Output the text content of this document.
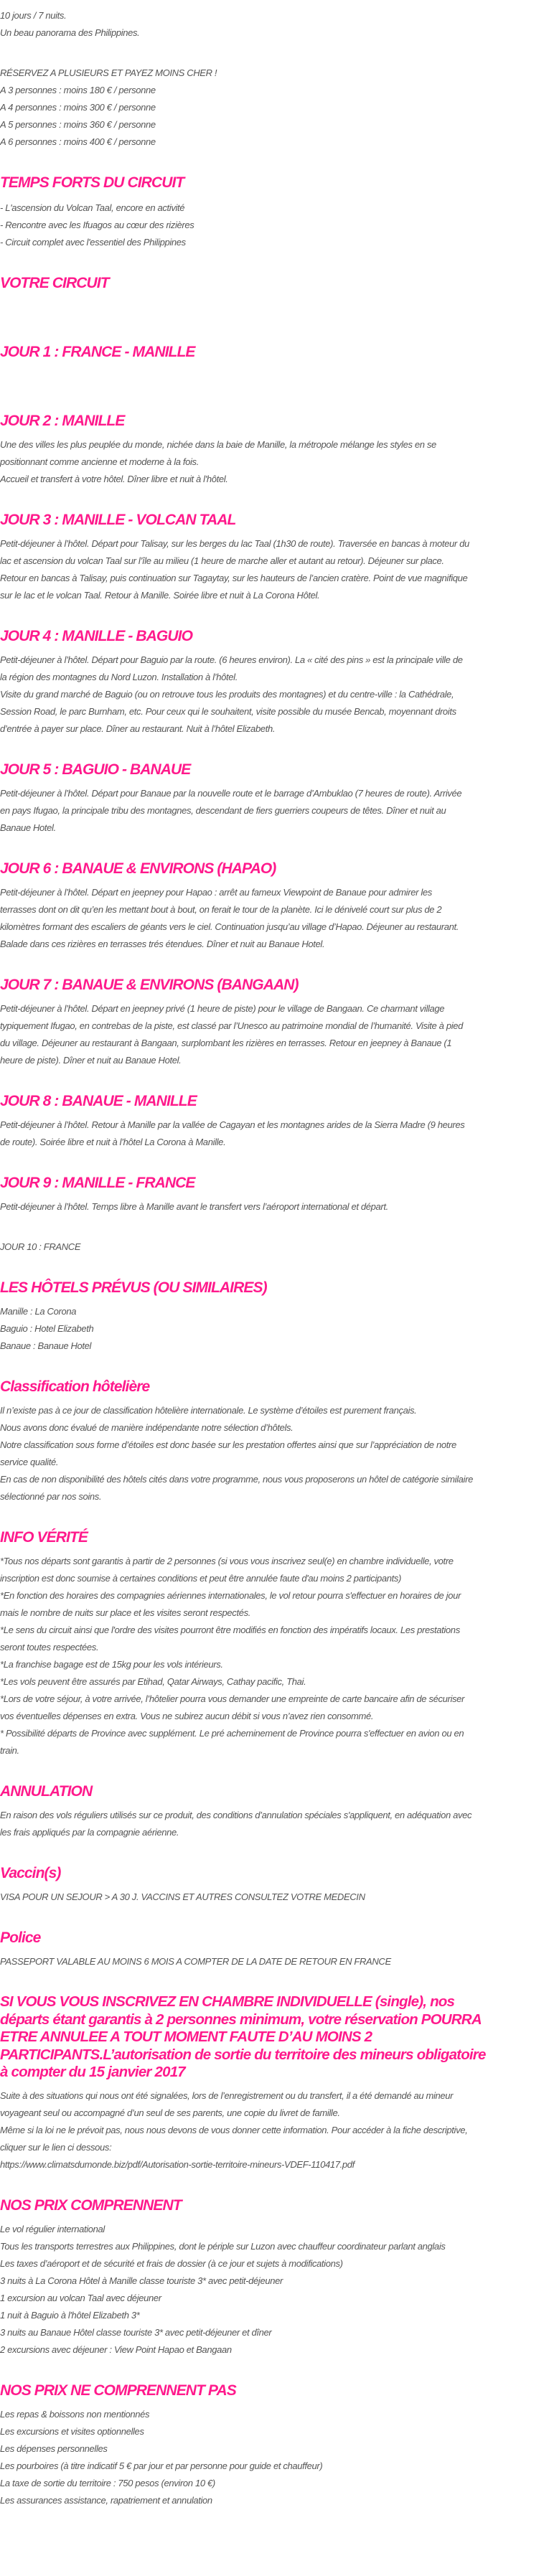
10 jours / 7 nuits.

Un beau panorama des Philippines.

RÉSERVEZ A PLUSIEURS ET PAYEZ MOINS CHER !

A 3 personnes : moins 180 € / personne
A 4 personnes : moins 300 € / personne
A 5 personnes : moins 360 € / personne
A 6 personnes : moins 400 € / personne
TEMPS FORTS DU CIRCUIT
- L'ascension du Volcan Taal, encore en activité
- Rencontre avec les Ifuagos au cœur des rizières
- Circuit complet avec l'essentiel des Philippines
VOTRE CIRCUIT
JOUR 1 : FRANCE - MANILLE
JOUR 2 : MANILLE
Une des villes les plus peuplée du monde, nichée dans la baie de Manille, la métropole mélange les styles en se
positionnant comme ancienne et moderne à la fois.
Accueil et transfert à votre hôtel. Dîner libre et nuit à l'hôtel.
JOUR 3 : MANILLE - VOLCAN TAAL
Petit-déjeuner à l’hôtel. Départ pour Talisay, sur les berges du lac Taal (1h30 de route). Traversée en bancas à moteur du
lac et ascension du volcan Taal sur l’île au milieu (1 heure de marche aller et autant au retour). Déjeuner sur place.
Retour en bancas à Talisay, puis continuation sur Tagaytay, sur les hauteurs de l’ancien cratère. Point de vue magnifique
sur le lac et le volcan Taal. Retour à Manille. Soirée libre et nuit à La Corona Hôtel.
JOUR 4 : MANILLE - BAGUIO
Petit-déjeuner à l’hôtel. Départ pour Baguio par la route. (6 heures environ). La « cité des pins » est la principale ville de
la région des montagnes du Nord Luzon. Installation à l’hôtel.
Visite du grand marché de Baguio (ou on retrouve tous les produits des montagnes) et du centre-ville : la Cathédrale,
Session Road, le parc Burnham, etc. Pour ceux qui le souhaitent, visite possible du musée Bencab, moyennant droits
d’entrée à payer sur place. Dîner au restaurant. Nuit à l’hôtel Elizabeth.
JOUR 5 : BAGUIO - BANAUE
Petit-déjeuner à l’hôtel. Départ pour Banaue par la nouvelle route et le barrage d’Ambuklao (7 heures de route). Arrivée
en pays Ifugao, la principale tribu des montagnes, descendant de fiers guerriers coupeurs de têtes. Dîner et nuit au
Banaue Hotel.
JOUR 6 : BANAUE & ENVIRONS (HAPAO)
Petit-déjeuner à l’hôtel. Départ en jeepney pour Hapao : arrêt au fameux Viewpoint de Banaue pour admirer les
terrasses dont on dit qu’en les mettant bout à bout, on ferait le tour de la planète. Ici le dénivelé court sur plus de 2
kilomètres formant des escaliers de géants vers le ciel. Continuation jusqu’au village d’Hapao. Déjeuner au restaurant.
Balade dans ces rizières en terrasses trés étendues. Dîner et nuit au Banaue Hotel.
JOUR 7 : BANAUE & ENVIRONS (BANGAAN)
Petit-déjeuner à l’hôtel. Départ en jeepney privé (1 heure de piste) pour le village de Bangaan. Ce charmant village
typiquement Ifugao, en contrebas de la piste, est classé par l’Unesco au patrimoine mondial de l’humanité. Visite à pied
du village. Déjeuner au restaurant à Bangaan, surplombant les rizières en terrasses. Retour en jeepney à Banaue (1
heure de piste). Dîner et nuit au Banaue Hotel.
JOUR 8 : BANAUE - MANILLE
Petit-déjeuner à l’hôtel. Retour à Manille par la vallée de Cagayan et les montagnes arides de la Sierra Madre (9 heures
de route). Soirée libre et nuit à l’hôtel La Corona à Manille.
JOUR 9 : MANILLE - FRANCE
Petit-déjeuner à l’hôtel. Temps libre à Manille avant le transfert vers l’aéroport international et départ.

JOUR 10 : FRANCE

LES HÔTELS PRÉVUS (OU SIMILAIRES)
Manille : La Corona
Baguio : Hotel Elizabeth
Banaue : Banaue Hotel
Classification hôtelière
Il n’existe pas à ce jour de classification hôtelière internationale. Le système d’étoiles est purement français.
Nous avons donc évalué de manière indépendante notre sélection d’hôtels.
Notre classification sous forme d’étoiles est donc basée sur les prestation offertes ainsi que sur l’appréciation de notre
service qualité.
En cas de non disponibilité des hôtels cités dans votre programme, nous vous proposerons un hôtel de catégorie similaire
sélectionné par nos soins.
INFO VÉRITÉ
*Tous nos départs sont garantis à partir de 2 personnes (si vous vous inscrivez seul(e) en chambre individuelle, votre
inscription est donc soumise à certaines conditions et peut être annulée faute d'au moins 2 participants)
*En fonction des horaires des compagnies aériennes internationales, le vol retour pourra s'effectuer en horaires de jour
mais le nombre de nuits sur place et les visites seront respectés.
*Le sens du circuit ainsi que l'ordre des visites pourront être modifiés en fonction des impératifs locaux. Les prestations
seront toutes respectées.
*La franchise bagage est de 15kg pour les vols intérieurs.
*Les vols peuvent être assurés par Etihad, Qatar Airways, Cathay pacific, Thai.
*Lors de votre séjour, à votre arrivée, l’hôtelier pourra vous demander une empreinte de carte bancaire afin de sécuriser
vos éventuelles dépenses en extra. Vous ne subirez aucun débit si vous n’avez rien consommé.
* Possibilité départs de Province avec supplément. Le pré acheminement de Province pourra s'effectuer en avion ou en
train.
ANNULATION
En raison des vols réguliers utilisés sur ce produit, des conditions d’annulation spéciales s'appliquent, en adéquation avec
les frais appliqués par la compagnie aérienne.
Vaccin(s)

VISA POUR UN SEJOUR > A 30 J. VACCINS ET AUTRES CONSULTEZ VOTRE MEDECIN

Police

PASSEPORT VALABLE AU MOINS 6 MOIS A COMPTER DE LA DATE DE RETOUR EN FRANCE

SI VOUS VOUS INSCRIVEZ EN CHAMBRE INDIVIDUELLE (single), nos
départs étant garantis à 2 personnes minimum, votre réservation POURRA
ETRE ANNULEE A TOUT MOMENT FAUTE D’AU MOINS 2
PARTICIPANTS.L’autorisation de sortie du territoire des mineurs obligatoire
à compter du 15 janvier 2017
Suite à des situations qui nous ont été signalées, lors de l’enregistrement ou du transfert, il a été demandé au mineur
voyageant seul ou accompagné d’un seul de ses parents, une copie du livret de famille.
Même si la loi ne le prévoit pas, nous nous devons de vous donner cette information. Pour accéder à la fiche descriptive,
cliquer sur le lien ci dessous:
https://www.climatsdumonde.biz/pdf/Autorisation-sortie-territoire-mineurs-VDEF-110417.pdf
NOS PRIX COMPRENNENT
Le vol régulier international
Tous les transports terrestres aux Philippines, dont le périple sur Luzon avec chauffeur coordinateur parlant anglais
Les taxes d’aéroport et de sécurité et frais de dossier (à ce jour et sujets à modifications)
3 nuits à La Corona Hôtel à Manille classe touriste 3* avec petit-déjeuner
1 excursion au volcan Taal avec déjeuner
1 nuit à Baguio à l'hôtel Elizabeth 3*
3 nuits au Banaue Hôtel classe touriste 3* avec petit-déjeuner et dîner
2 excursions avec déjeuner : View Point Hapao et Bangaan
NOS PRIX NE COMPRENNENT PAS
Les repas & boissons non mentionnés
Les excursions et visites optionnelles
Les dépenses personnelles
Les pourboires (à titre indicatif 5 € par jour et par personne pour guide et chauffeur)
La taxe de sortie du territoire : 750 pesos (environ 10 €)
Les assurances assistance, rapatriement et annulation
